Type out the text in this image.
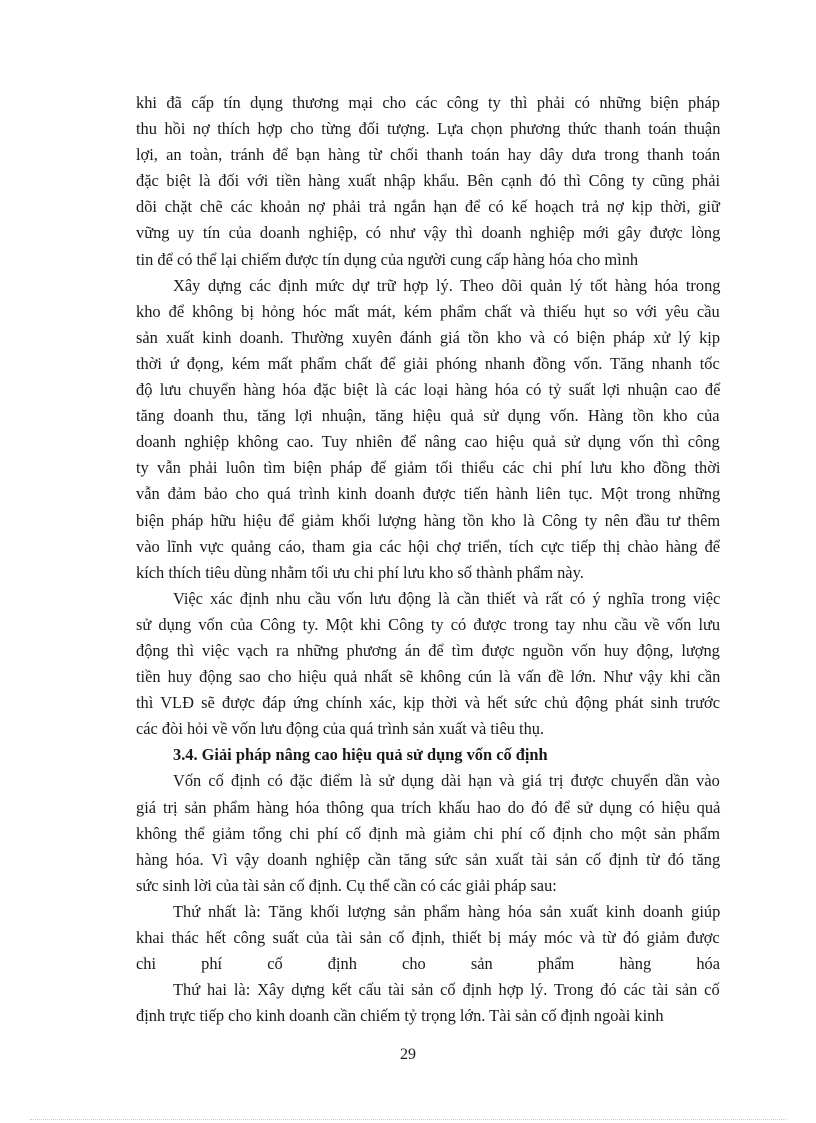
khi đã cấp tín dụng thương mại cho các công ty thì phải có những biện pháp
thu hồi nợ thích hợp cho từng đối tượng. Lựa chọn phương thức thanh toán thuận
lợi, an toàn, tránh để bạn hàng từ chối thanh toán hay dây dưa trong thanh toán
đặc biệt là đối với tiền hàng xuất nhập khẩu. Bên cạnh đó thì Công ty cũng phải
dõi chặt chẽ các khoản nợ phải trả ngắn hạn để có kế hoạch trả nợ kịp thời, giữ
vững uy tín của doanh nghiệp, có như vậy thì doanh nghiệp mới gây được lòng
tin để có thể lại chiếm được tín dụng của người cung cấp hàng hóa cho mình
Xây dựng các định mức dự trữ hợp lý. Theo dõi quản lý tốt hàng hóa trong
kho để không bị hỏng hóc mất mát, kém phẩm chất và thiếu hụt so với yêu cầu
sản xuất kinh doanh. Thường xuyên đánh giá tồn kho và có biện pháp xử lý kịp
thời ứ đọng, kém mất phẩm chất để giải phóng nhanh đồng vốn. Tăng nhanh tốc
độ lưu chuyển hàng hóa đặc biệt là các loại hàng hóa có tỷ suất lợi nhuận cao để
tăng doanh thu, tăng lợi nhuận, tăng hiệu quả sử dụng vốn. Hàng tồn kho của
doanh nghiệp không cao. Tuy nhiên để nâng cao hiệu quả sử dụng vốn thì công
ty vẫn phải luôn tìm biện pháp để giảm tối thiểu các chi phí lưu kho đồng thời
vẫn đảm bảo cho quá trình kinh doanh được tiến hành liên tục. Một trong những
biện pháp hữu hiệu để giảm khối lượng hàng tồn kho là Công ty nên đầu tư thêm
vào lĩnh vực quảng cáo, tham gia các hội chợ triển, tích cực tiếp thị chào hàng để
kích thích tiêu dùng nhằm tối ưu chi phí lưu kho số thành phẩm này.
Việc xác định nhu cầu vốn lưu động là cần thiết và rất có ý nghĩa trong việc
sử dụng vốn của Công ty. Một khi Công ty có được trong tay nhu cầu về vốn lưu
động thì việc vạch ra những phương án để tìm được nguồn vốn huy động, lượng
tiền huy động sao cho hiệu quả nhất sẽ không cún là vấn đề lớn. Như vậy khi cần
thì VLĐ sẽ được đáp ứng chính xác, kịp thời và hết sức chủ động phát sinh trước
các đòi hỏi về vốn lưu động của quá trình sản xuất và tiêu thụ.
3.4. Giải pháp nâng cao hiệu quả sử dụng vốn cố định
Vốn cố định có đặc điểm là sử dụng dài hạn và giá trị được chuyển dần vào
giá trị sản phẩm hàng hóa thông qua trích khấu hao do đó để sử dụng có hiệu quả
không thể giảm tổng chi phí cố định mà giảm chi phí cố định cho một sản phẩm
hàng hóa. Vì vậy doanh nghiệp cần tăng sức sản xuất tài sản cố định từ đó tăng
sức sinh lời của tài sản cố định. Cụ thể cần có các giải pháp sau:
Thứ nhất là: Tăng khối lượng sản phẩm hàng hóa sản xuất kinh doanh giúp
khai thác hết công suất của tài sản cố định, thiết bị máy móc và từ đó giảm được
chi	phí	cố	định	cho	sản	phẩm	hàng	hóa
Thứ hai là: Xây dựng kết cấu tài sản cố định hợp lý. Trong đó các tài sản cố
định trực tiếp cho kinh doanh cần chiếm tỷ trọng lớn. Tài sản cố định ngoài kinh
29
